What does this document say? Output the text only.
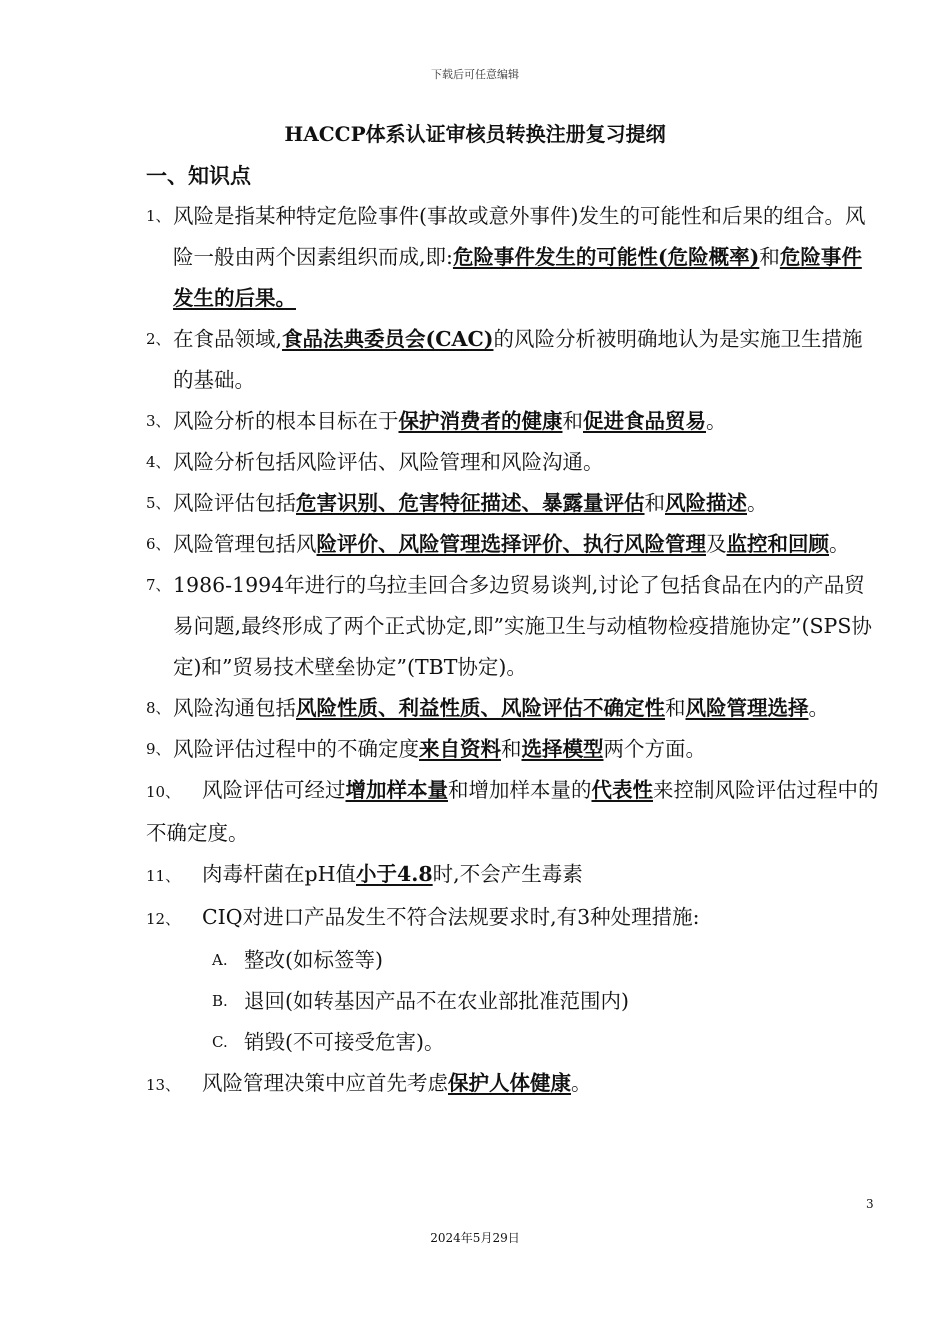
下载后可任意编辑
HACCP体系认证审核员转换注册复习提纲
一、知识点
1、 风险是指某种特定危险事件(事故或意外事件)发生的可能性和后果的组合。风险一般由两个因素组织而成,即:危险事件发生的可能性(危险概率)和危险事件发生的后果。
2、 在食品领域,食品法典委员会(CAC)的风险分析被明确地认为是实施卫生措施的基础。
3、 风险分析的根本目标在于保护消费者的健康和促进食品贸易。
4、 风险分析包括风险评估、风险管理和风险沟通。
5、 风险评估包括危害识别、危害特征描述、暴露量评估和风险描述。
6、 风险管理包括风险评价、风险管理选择评价、执行风险管理及监控和回顾。
7、 1986-1994年进行的乌拉圭回合多边贸易谈判,讨论了包括食品在内的产品贸易问题,最终形成了两个正式协定,即”实施卫生与动植物检疫措施协定”(SPS协定)和”贸易技术壁垒协定”(TBT协定)。
8、 风险沟通包括风险性质、利益性质、风险评估不确定性和风险管理选择。
9、 风险评估过程中的不确定度来自资料和选择模型两个方面。
10、 风险评估可经过增加样本量和增加样本量的代表性来控制风险评估过程中的不确定度。
11、 肉毒杆菌在pH值小于4.8时,不会产生毒素
12、 CIQ对进口产品发生不符合法规要求时,有3种处理措施:
A. 整改(如标签等)
B. 退回(如转基因产品不在农业部批准范围内)
C. 销毁(不可接受危害)。
13、 风险管理决策中应首先考虑保护人体健康。
3
2024年5月29日
